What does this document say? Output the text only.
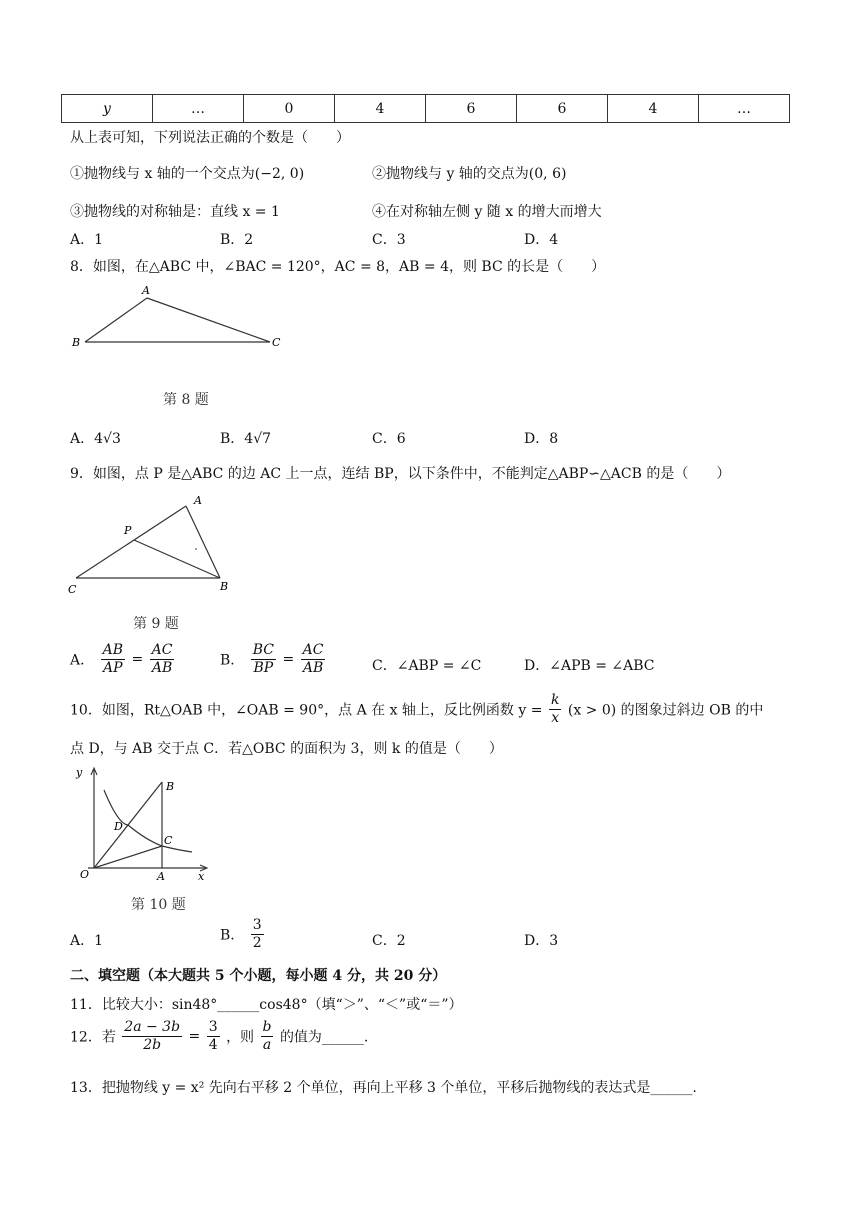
y	…	0	4	6	6	4	…
从上表可知，下列说法正确的个数是（　　）
①抛物线与 x 轴的一个交点为(−2, 0)	②抛物线与 y 轴的交点为(0, 6)
③抛物线的对称轴是：直线 x = 1	④在对称轴左侧 y 随 x 的增大而增大
A．1	B．2	C．3	D．4
8．如图，在△ABC 中，∠BAC = 120°，AC = 8，AB = 4，则 BC 的长是（　　）
A
B	C
第 8 题
A．4√3	B．4√7	C．6	D．8
9．如图，点 P 是△ABC 的边 AC 上一点，连结 BP，以下条件中，不能判定△ABP∽△ACB 的是（　　）
A
P
C	B
第 9 题
A． $\frac{AB}{AP} = \frac{AC}{AB}$	B． $\frac{BC}{BP} = \frac{AC}{AB}$	C．∠ABP = ∠C	D．∠APB = ∠ABC
10．如图，Rt△OAB 中，∠OAB = 90°，点 A 在 x 轴上，反比例函数 $y = \frac{k}{x} (x > 0)$ 的图象过斜边 OB 的中
点 D，与 AB 交于点 C．若△OBC 的面积为 3，则 k 的值是（　　）
y
B
D
C
O	A	x
第 10 题
A．1	B． $\frac{3}{2}$	C．2	D．3
二、填空题（本大题共 5 个小题，每小题 4 分，共 20 分）
11．比较大小：sin48°______cos48°（填“＞”、“＜”或“＝”）
12．若 $\frac{2a - 3b}{2b} = \frac{3}{4}$ ，则 $\frac{b}{a}$ 的值为______.
13．把抛物线 y = x² 先向右平移 2 个单位，再向上平移 3 个单位，平移后抛物线的表达式是______.
